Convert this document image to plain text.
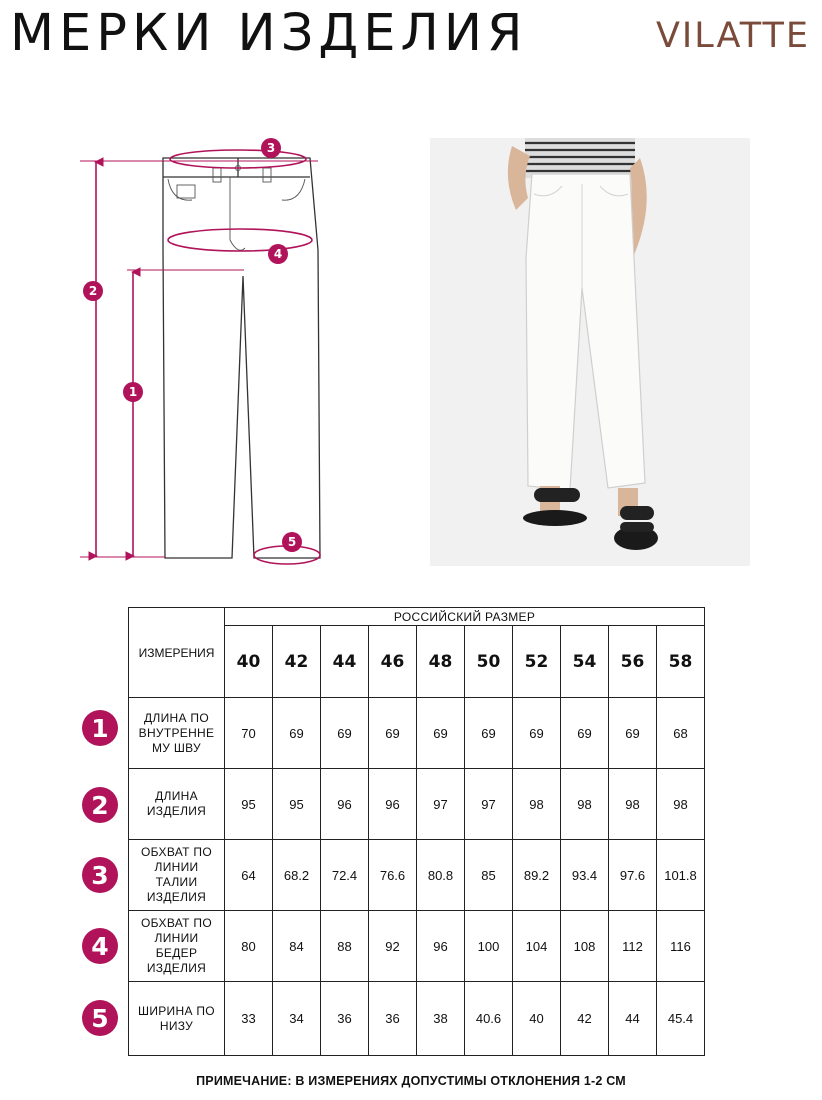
МЕРКИ ИЗДЕЛИЯ	VILATTE
1
2
3
4
5
1
2
3
4
5
ИЗМЕРЕНИЯ	РОССИЙСКИЙ РАЗМЕР									
	40	42	44	46	48	50	52	54	56	58
ДЛИНА ПО
ВНУТРЕННЕ
МУ ШВУ	70	69	69	69	69	69	69	69	69	68
ДЛИНА
ИЗДЕЛИЯ	95	95	96	96	97	97	98	98	98	98
ОБХВАТ ПО
ЛИНИИ
ТАЛИИ
ИЗДЕЛИЯ	64	68.2	72.4	76.6	80.8	85	89.2	93.4	97.6	101.8
ОБХВАТ ПО
ЛИНИИ
БЕДЕР
ИЗДЕЛИЯ	80	84	88	92	96	100	104	108	112	116
ШИРИНА ПО
НИЗУ	33	34	36	36	38	40.6	40	42	44	45.4
ПРИМЕЧАНИЕ: В ИЗМЕРЕНИЯХ ДОПУСТИМЫ ОТКЛОНЕНИЯ 1-2 СМ
